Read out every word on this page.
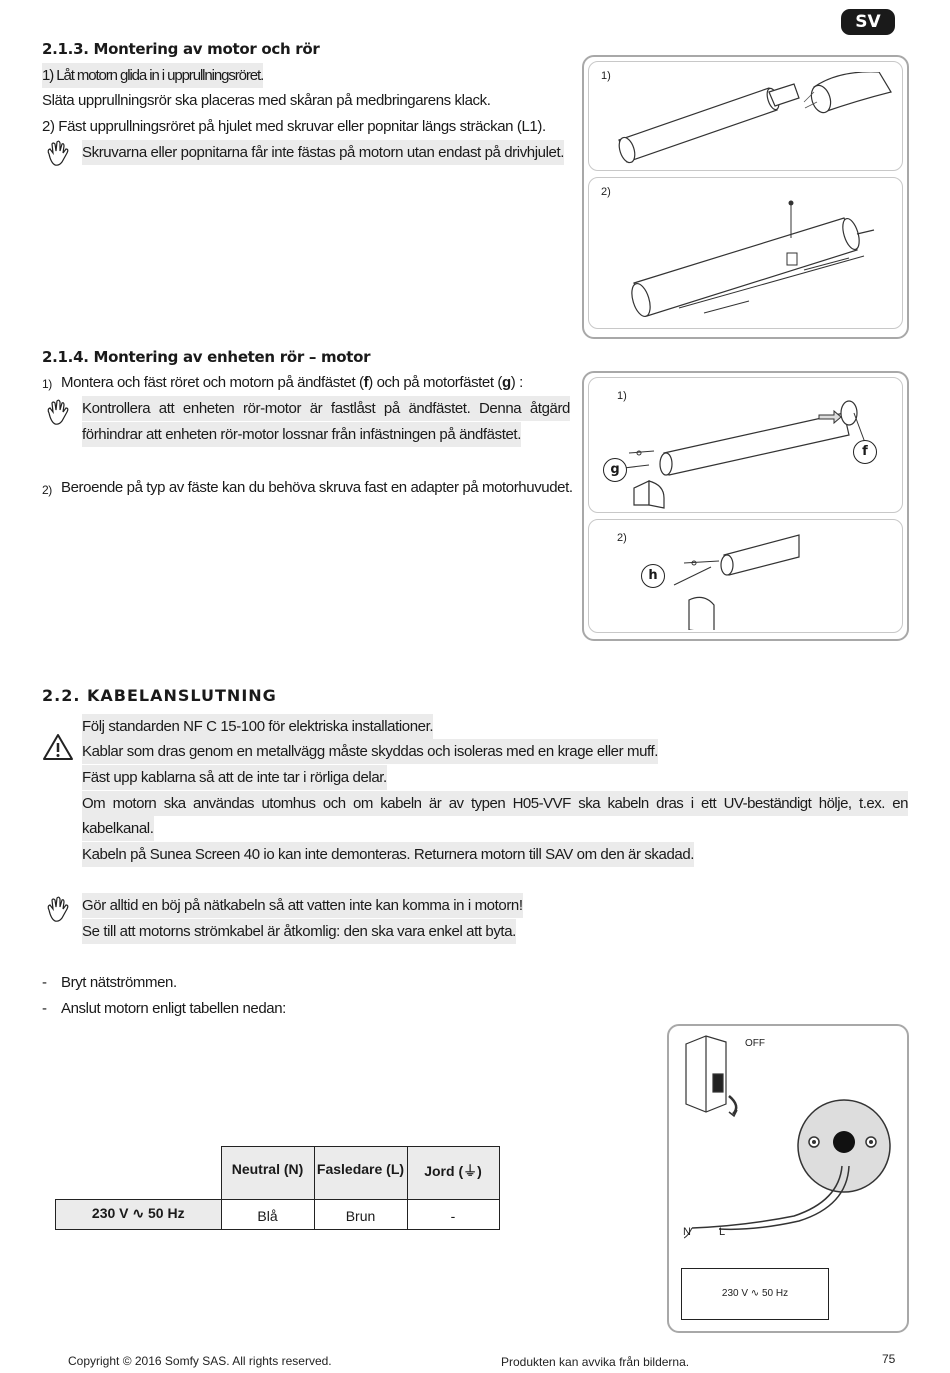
SV
2.1.3. Montering av motor och rör
1) Låt motorn glida in i upprullningsröret.
Släta upprullningsrör ska placeras med skåran på medbringarens klack.
2) Fäst upprullningsröret på hjulet med skruvar eller popnitar längs sträckan (L1).
Skruvarna eller popnitarna får inte fästas på motorn utan endast på drivhjulet.
1)
2)
2.1.4. Montering av enheten rör – motor
1) Montera och fäst röret och motorn på ändfästet (f) och på motorfästet (g) :
Kontrollera att enheten rör-motor är fastlåst på ändfästet. Denna åtgärd
förhindrar att enheten rör-motor lossnar från infästningen på ändfästet.
2) Beroende på typ av fäste kan du behöva skruva fast en adapter på motorhuvudet.
1)
g
f
2)
h
2.2. KABELANSLUTNING
Följ standarden NF C 15-100 för elektriska installationer.
Kablar som dras genom en metallvägg måste skyddas och isoleras med en krage eller muff.
Fäst upp kablarna så att de inte tar i rörliga delar.
Om motorn ska användas utomhus och om kabeln är av typen H05-VVF ska kabeln dras i ett UV-beständigt hölje, t.ex. en
kabelkanal.
Kabeln på Sunea Screen 40 io kan inte demonteras. Returnera motorn till SAV om den är skadad.
Gör alltid en böj på nätkabeln så att vatten inte kan komma in i motorn!
Se till att motorns strömkabel är åtkomlig: den ska vara enkel att byta.
- Bryt nätströmmen.
- Anslut motorn enligt tabellen nedan:
	Neutral (N)	Fasledare (L)	Jord (⏚)
230 V ∿ 50 Hz	Blå	Brun	-
OFF
N	L
230 V ∿ 50 Hz
Copyright © 2016 Somfy SAS. All rights reserved.	Produkten kan avvika från bilderna.	75
